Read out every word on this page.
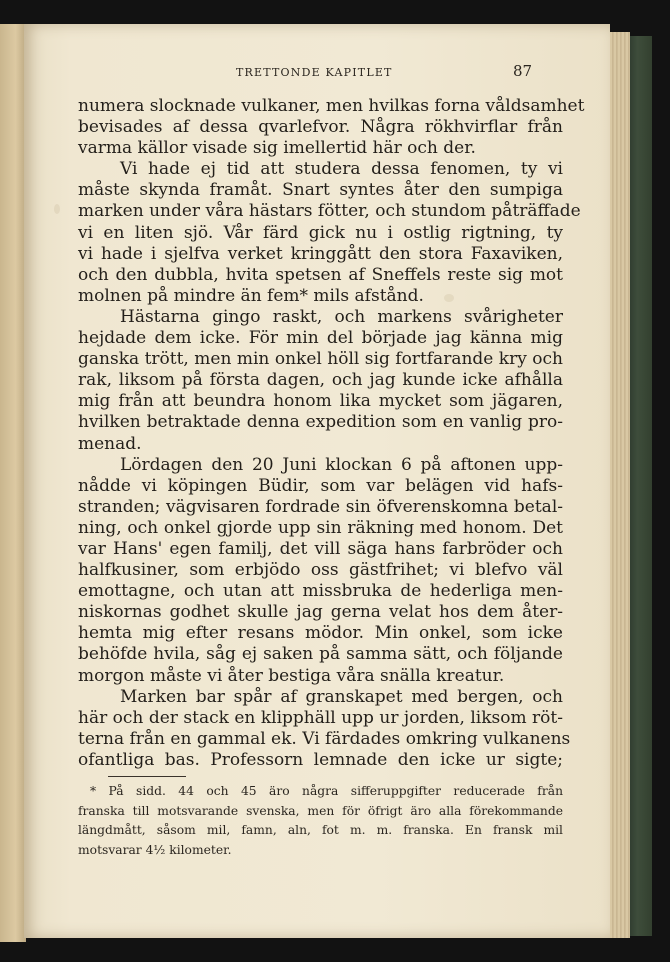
TRETTONDE KAPITLET	87

numera slocknade vulkaner, men hvilkas forna våldsamhet
bevisades af dessa qvarlefvor. Några rökhvirflar från
varma källor visade sig imellertid här och der.

Vi hade ej tid att studera dessa fenomen, ty vi
måste skynda framåt. Snart syntes åter den sumpiga
marken under våra hästars fötter, och stundom påträffade
vi en liten sjö. Vår färd gick nu i ostlig rigtning, ty
vi hade i sjelfva verket kringgått den stora Faxaviken,
och den dubbla, hvita spetsen af Sneffels reste sig mot
molnen på mindre än fem* mils afstånd.

Hästarna gingo raskt, och markens svårigheter
hejdade dem icke. För min del började jag känna mig
ganska trött, men min onkel höll sig fortfarande kry och
rak, liksom på första dagen, och jag kunde icke afhålla
mig från att beundra honom lika mycket som jägaren,
hvilken betraktade denna expedition som en vanlig pro-
menad.

Lördagen den 20 Juni klockan 6 på aftonen upp-
nådde vi köpingen Büdir, som var belägen vid hafs-
stranden; vägvisaren fordrade sin öfverenskomna betal-
ning, och onkel gjorde upp sin räkning med honom. Det
var Hans' egen familj, det vill säga hans farbröder och
halfkusiner, som erbjödo oss gästfrihet; vi blefvo väl
emottagne, och utan att missbruka de hederliga men-
niskornas godhet skulle jag gerna velat hos dem åter-
hemta mig efter resans mödor. Min onkel, som icke
behöfde hvila, såg ej saken på samma sätt, och följande
morgon måste vi åter bestiga våra snälla kreatur.

Marken bar spår af granskapet med bergen, och
här och der stack en klipphäll upp ur jorden, liksom röt-
terna från en gammal ek. Vi färdades omkring vulkanens
ofantliga bas. Professorn lemnade den icke ur sigte;

* På sidd. 44 och 45 äro några sifferuppgifter reducerade från
franska till motsvarande svenska, men för öfrigt äro alla förekommande
längdmått, såsom mil, famn, aln, fot m. m. franska. En fransk mil
motsvarar 4½ kilometer.
